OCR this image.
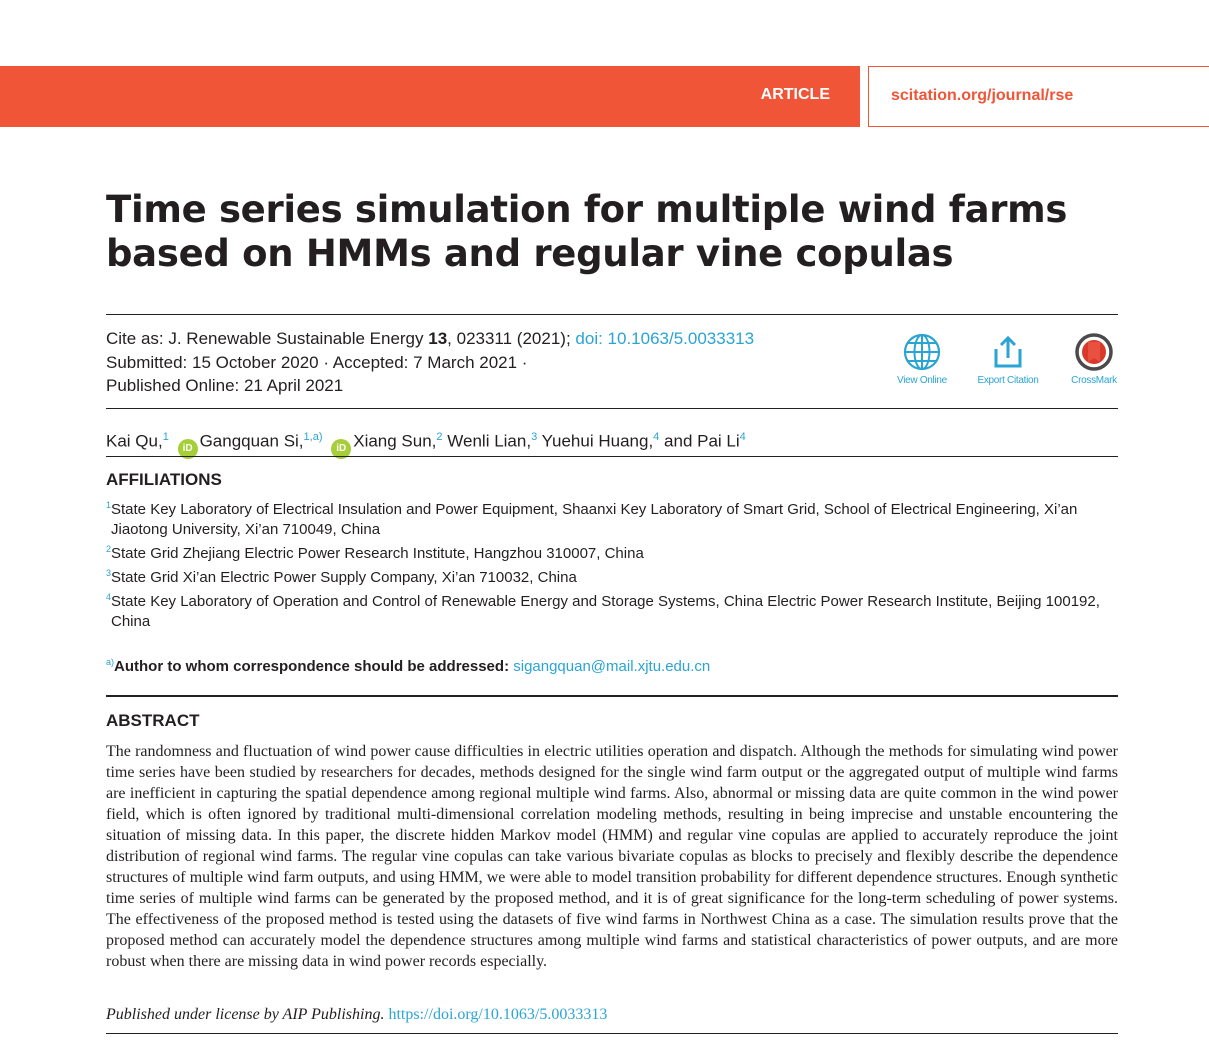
ARTICLE	scitation.org/journal/rse
Time series simulation for multiple wind farms based on HMMs and regular vine copulas
Cite as: J. Renewable Sustainable Energy 13, 023311 (2021); doi: 10.1063/5.0033313
Submitted: 15 October 2020 · Accepted: 7 March 2021 ·
Published Online: 21 April 2021	View Online	Export Citation	CrossMark
Kai Qu,$^1$ iD Gangquan Si,$^{1,a)}$ iD Xiang Sun,$^2$ Wenli Lian,$^3$ Yuehui Huang,$^4$ and Pai Li$^4$
AFFILIATIONS
1 State Key Laboratory of Electrical Insulation and Power Equipment, Shaanxi Key Laboratory of Smart Grid, School of Electrical Engineering, Xi’an Jiaotong University, Xi’an 710049, China
2 State Grid Zhejiang Electric Power Research Institute, Hangzhou 310007, China
3 State Grid Xi’an Electric Power Supply Company, Xi’an 710032, China
4 State Key Laboratory of Operation and Control of Renewable Energy and Storage Systems, China Electric Power Research Institute, Beijing 100192, China
$^{a)}$Author to whom correspondence should be addressed: sigangquan@mail.xjtu.edu.cn
ABSTRACT

The randomness and fluctuation of wind power cause difficulties in electric utilities operation and dispatch. Although the methods for simulating wind power time series have been studied by researchers for decades, methods designed for the single wind farm output or the aggregated output of multiple wind farms are inefficient in capturing the spatial dependence among regional multiple wind farms. Also, abnormal or missing data are quite common in the wind power field, which is often ignored by traditional multi-dimensional correlation modeling methods, resulting in being imprecise and unstable encountering the situation of missing data. In this paper, the discrete hidden Markov model (HMM) and regular vine copulas are applied to accurately reproduce the joint distribution of regional wind farms. The regular vine copulas can take various bivariate copulas as blocks to precisely and flexibly describe the dependence structures of multiple wind farm outputs, and using HMM, we were able to model transition probability for different dependence structures. Enough synthetic time series of multiple wind farms can be generated by the proposed method, and it is of great significance for the long-term scheduling of power systems. The effectiveness of the proposed method is tested using the datasets of five wind farms in Northwest China as a case. The simulation results prove that the proposed method can accurately model the dependence structures among multiple wind farms and statistical characteristics of power outputs, and are more robust when there are missing data in wind power records especially.

Published under license by AIP Publishing. https://doi.org/10.1063/5.0033313
